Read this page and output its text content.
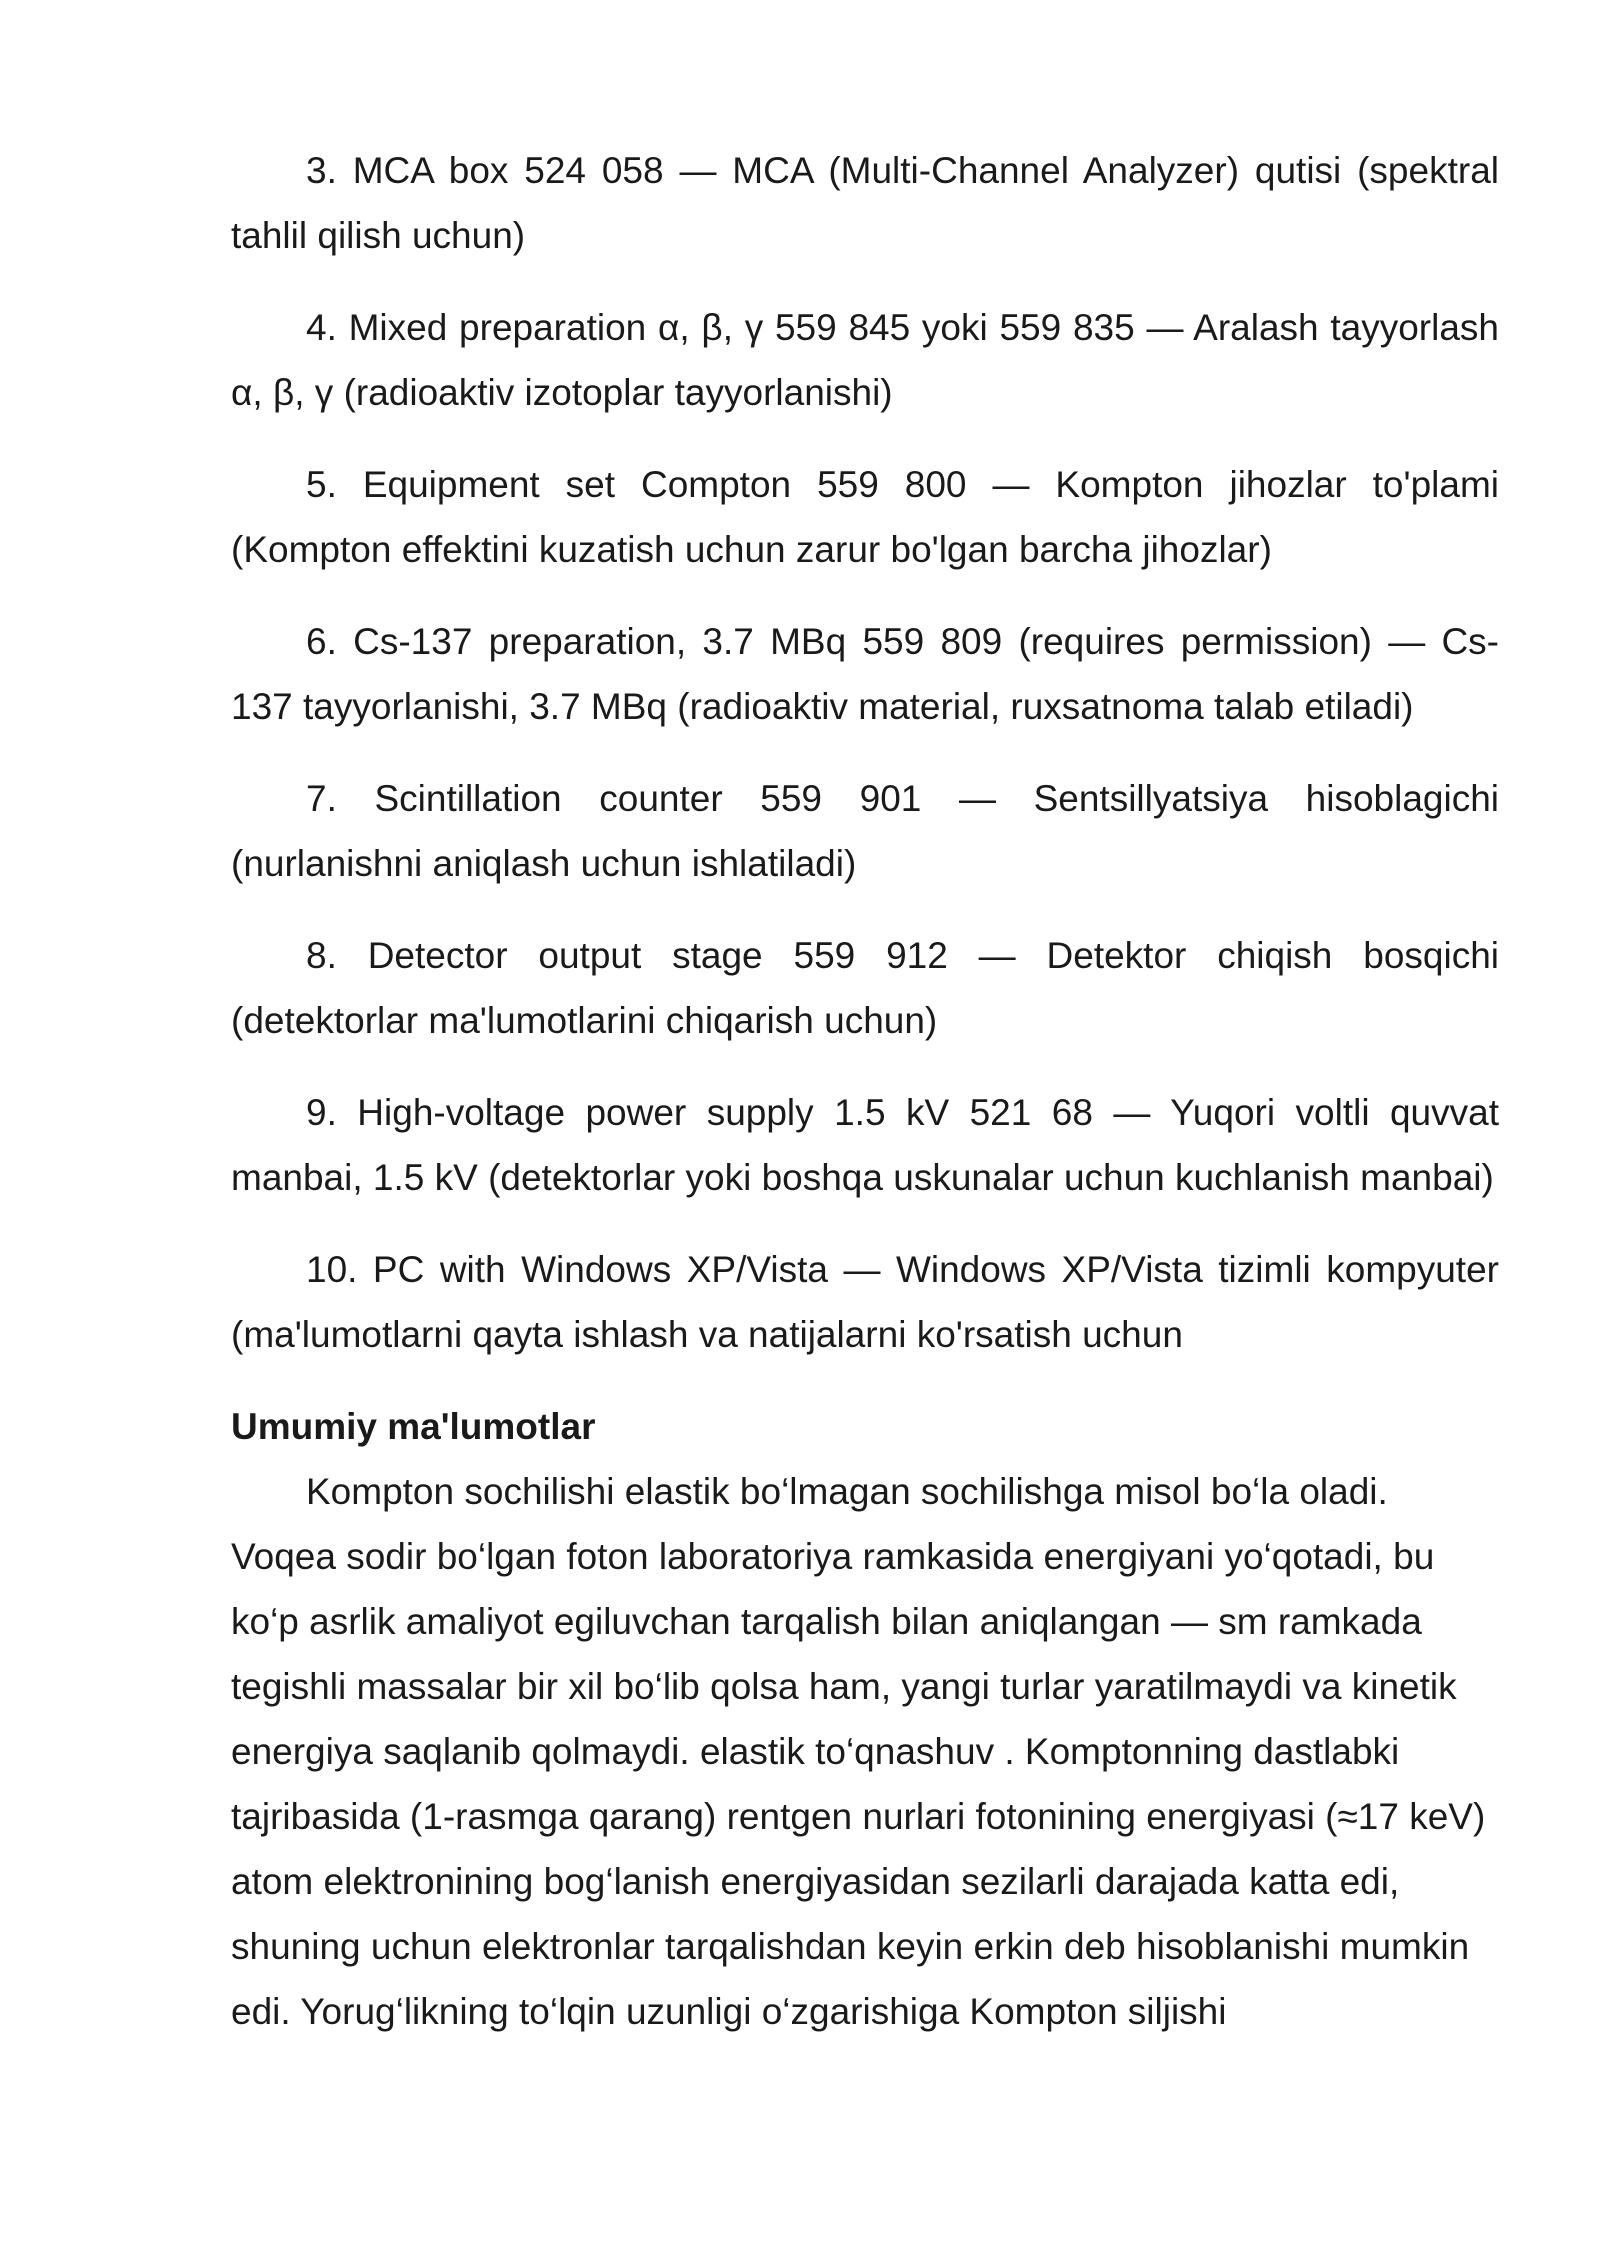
3. MCA box 524 058 — MCA (Multi-Channel Analyzer) qutisi (spektral tahlil qilish uchun)

4. Mixed preparation α, β, γ 559 845 yoki 559 835 — Aralash tayyorlash α, β, γ (radioaktiv izotoplar tayyorlanishi)

5. Equipment set Compton 559 800 — Kompton jihozlar to'plami (Kompton effektini kuzatish uchun zarur bo'lgan barcha jihozlar)

6. Cs-137 preparation, 3.7 MBq 559 809 (requires permission) — Cs-137 tayyorlanishi, 3.7 MBq (radioaktiv material, ruxsatnoma talab etiladi)

7. Scintillation counter 559 901 — Sentsillyatsiya hisoblagichi (nurlanishni aniqlash uchun ishlatiladi)

8. Detector output stage 559 912 — Detektor chiqish bosqichi (detektorlar ma'lumotlarini chiqarish uchun)

9. High-voltage power supply 1.5 kV 521 68 — Yuqori voltli quvvat manbai, 1.5 kV (detektorlar yoki boshqa uskunalar uchun kuchlanish manbai)

10. PC with Windows XP/Vista — Windows XP/Vista tizimli kompyuter (ma'lumotlarni qayta ishlash va natijalarni ko'rsatish uchun

Umumiy ma'lumotlar

Kompton sochilishi elastik bo‘lmagan sochilishga misol bo‘la oladi. Voqea sodir bo‘lgan foton laboratoriya ramkasida energiyani yo‘qotadi, bu ko‘p asrlik amaliyot egiluvchan tarqalish bilan aniqlangan — sm ramkada tegishli massalar bir xil bo‘lib qolsa ham, yangi turlar yaratilmaydi va kinetik energiya saqlanib qolmaydi. elastik to‘qnashuv . Komptonning dastlabki tajribasida (1-rasmga qarang) rentgen nurlari fotonining energiyasi (≈17 keV) atom elektronining bog‘lanish energiyasidan sezilarli darajada katta edi, shuning uchun elektronlar tarqalishdan keyin erkin deb hisoblanishi mumkin edi. Yorug‘likning to‘lqin uzunligi o‘zgarishiga Kompton siljishi
